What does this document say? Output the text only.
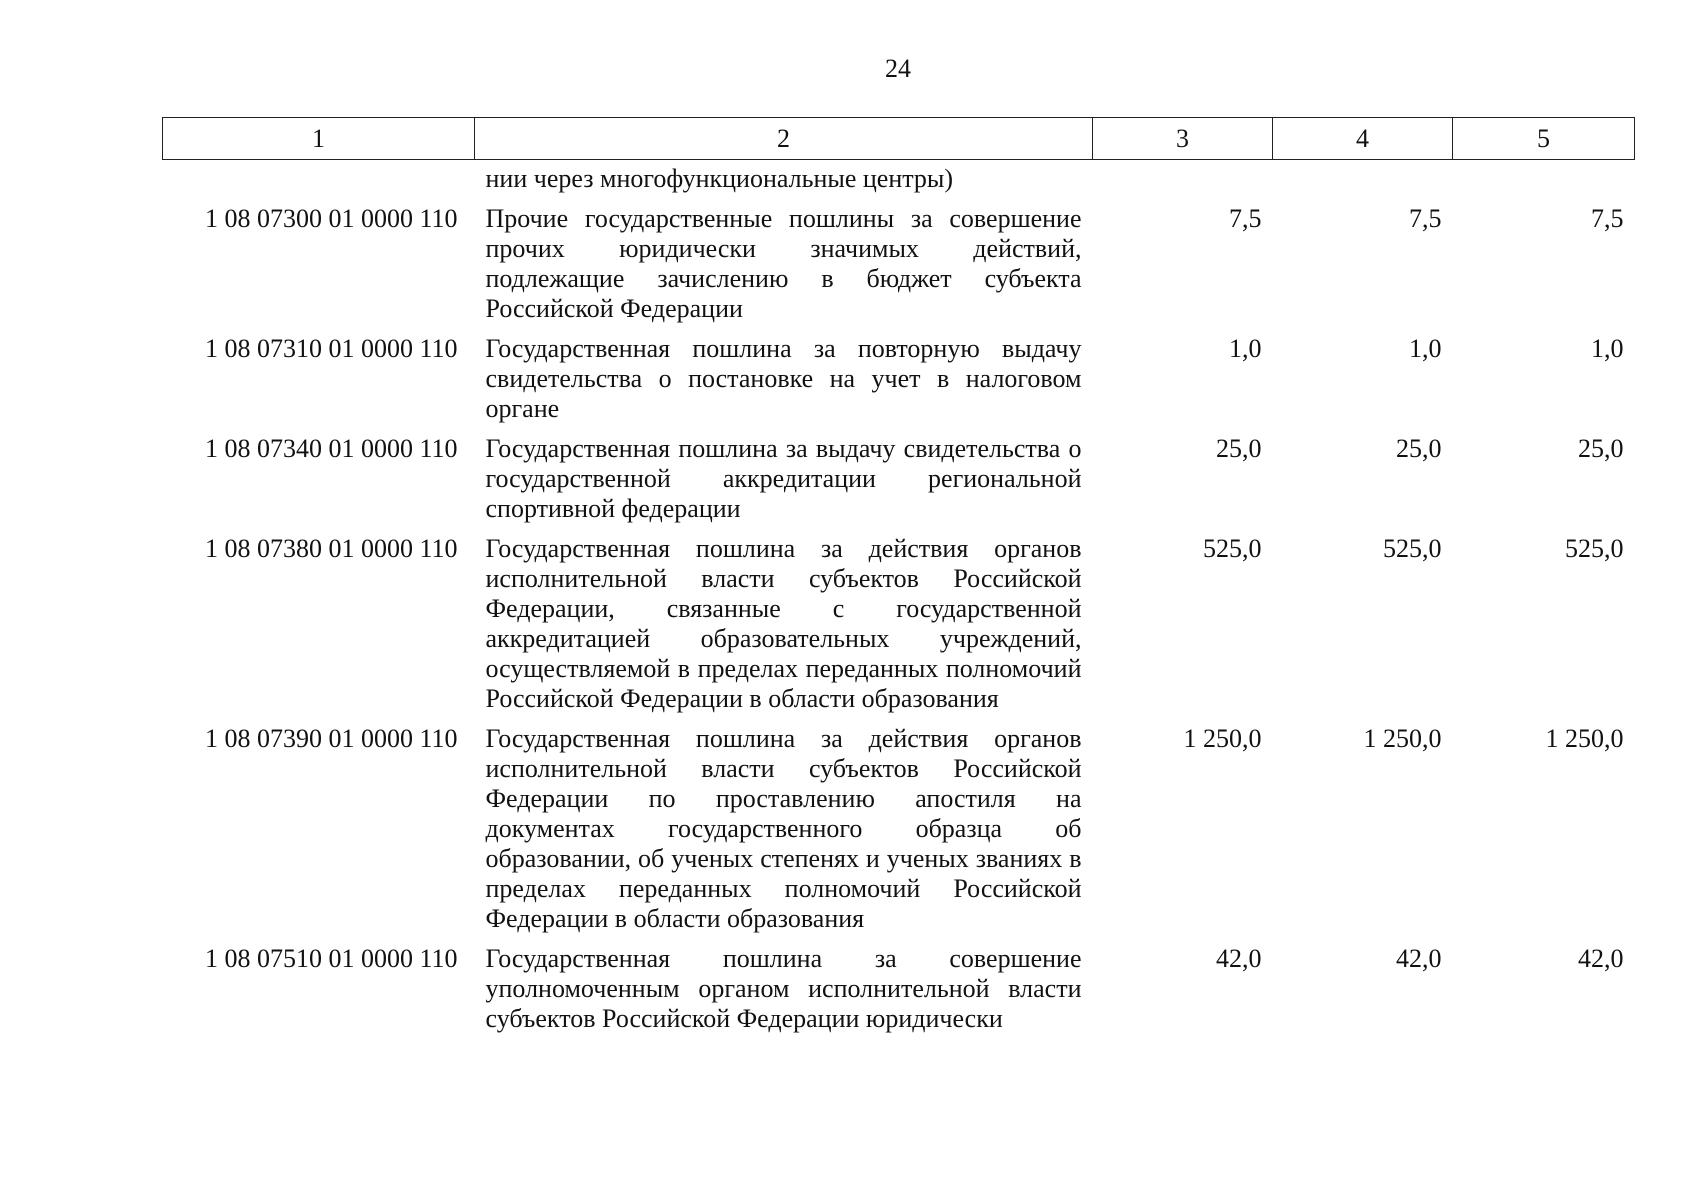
24
1	2	3	4	5
	нии через многофункциональные центры)			
1 08 07300 01 0000 110	Прочие государственные пошлины за совершение прочих юридически значимых действий, подлежащие зачислению в бюджет субъекта Российской Федерации	7,5	7,5	7,5
1 08 07310 01 0000 110	Государственная пошлина за повторную выдачу свидетельства о постановке на учет в налоговом органе	1,0	1,0	1,0
1 08 07340 01 0000 110	Государственная пошлина за выдачу свидетельства о государственной аккредитации региональной спортивной федерации	25,0	25,0	25,0
1 08 07380 01 0000 110	Государственная пошлина за действия органов исполнительной власти субъектов Российской Федерации, связанные с государственной аккредитацией образовательных учреждений, осуществляемой в пределах переданных полномочий Российской Федерации в области образования	525,0	525,0	525,0
1 08 07390 01 0000 110	Государственная пошлина за действия органов исполнительной власти субъектов Российской Федерации по проставлению апостиля на документах государственного образца об образовании, об ученых степенях и ученых званиях в пределах переданных полномочий Российской Федерации в области образования	1 250,0	1 250,0	1 250,0
1 08 07510 01 0000 110	Государственная пошлина за совершение уполномоченным органом исполнительной власти субъектов Российской Федерации юридически	42,0	42,0	42,0
